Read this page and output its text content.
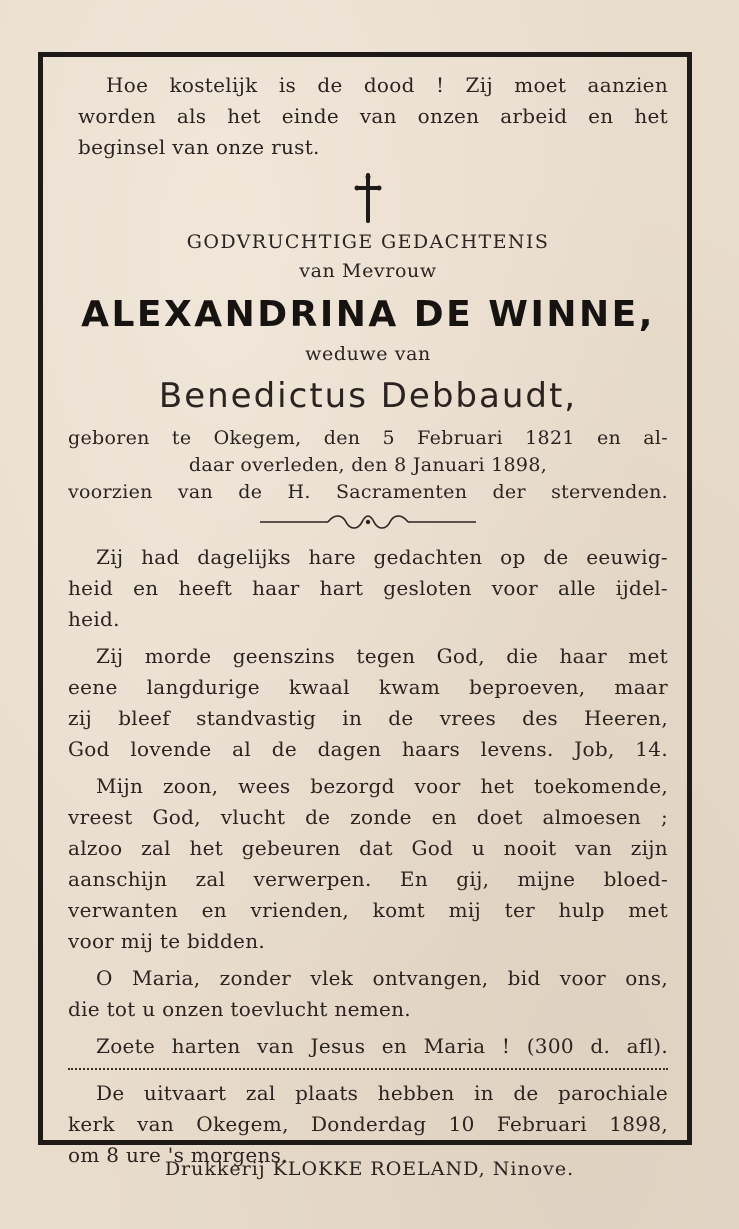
Hoe kostelijk is de dood ! Zij moet aanzien
worden als het einde van onzen arbeid en het
beginsel van onze rust.
GODVRUCHTIGE GEDACHTENIS
van Mevrouw
ALEXANDRINA DE WINNE,
weduwe van
Benedictus Debbaudt,
geboren te Okegem, den 5 Februari 1821 en al-
daar overleden, den 8 Januari 1898,
voorzien van de H. Sacramenten der stervenden.
Zij had dagelijks hare gedachten op de eeuwig-
heid en heeft haar hart gesloten voor alle ijdel-
heid.
Zij morde geenszins tegen God, die haar met
eene langdurige kwaal kwam beproeven, maar
zij bleef standvastig in de vrees des Heeren,
God lovende al de dagen haars levens. Job, 14.
Mijn zoon, wees bezorgd voor het toekomende,
vreest God, vlucht de zonde en doet almoesen ;
alzoo zal het gebeuren dat God u nooit van zijn
aanschijn zal verwerpen. En gij, mijne bloed-
verwanten en vrienden, komt mij ter hulp met
voor mij te bidden.
O Maria, zonder vlek ontvangen, bid voor ons,
die tot u onzen toevlucht nemen.
Zoete harten van Jesus en Maria ! (300 d. afl).
De uitvaart zal plaats hebben in de parochiale
kerk van Okegem, Donderdag 10 Februari 1898,
om 8 ure 's morgens.
Drukkerij KLOKKE ROELAND, Ninove.
